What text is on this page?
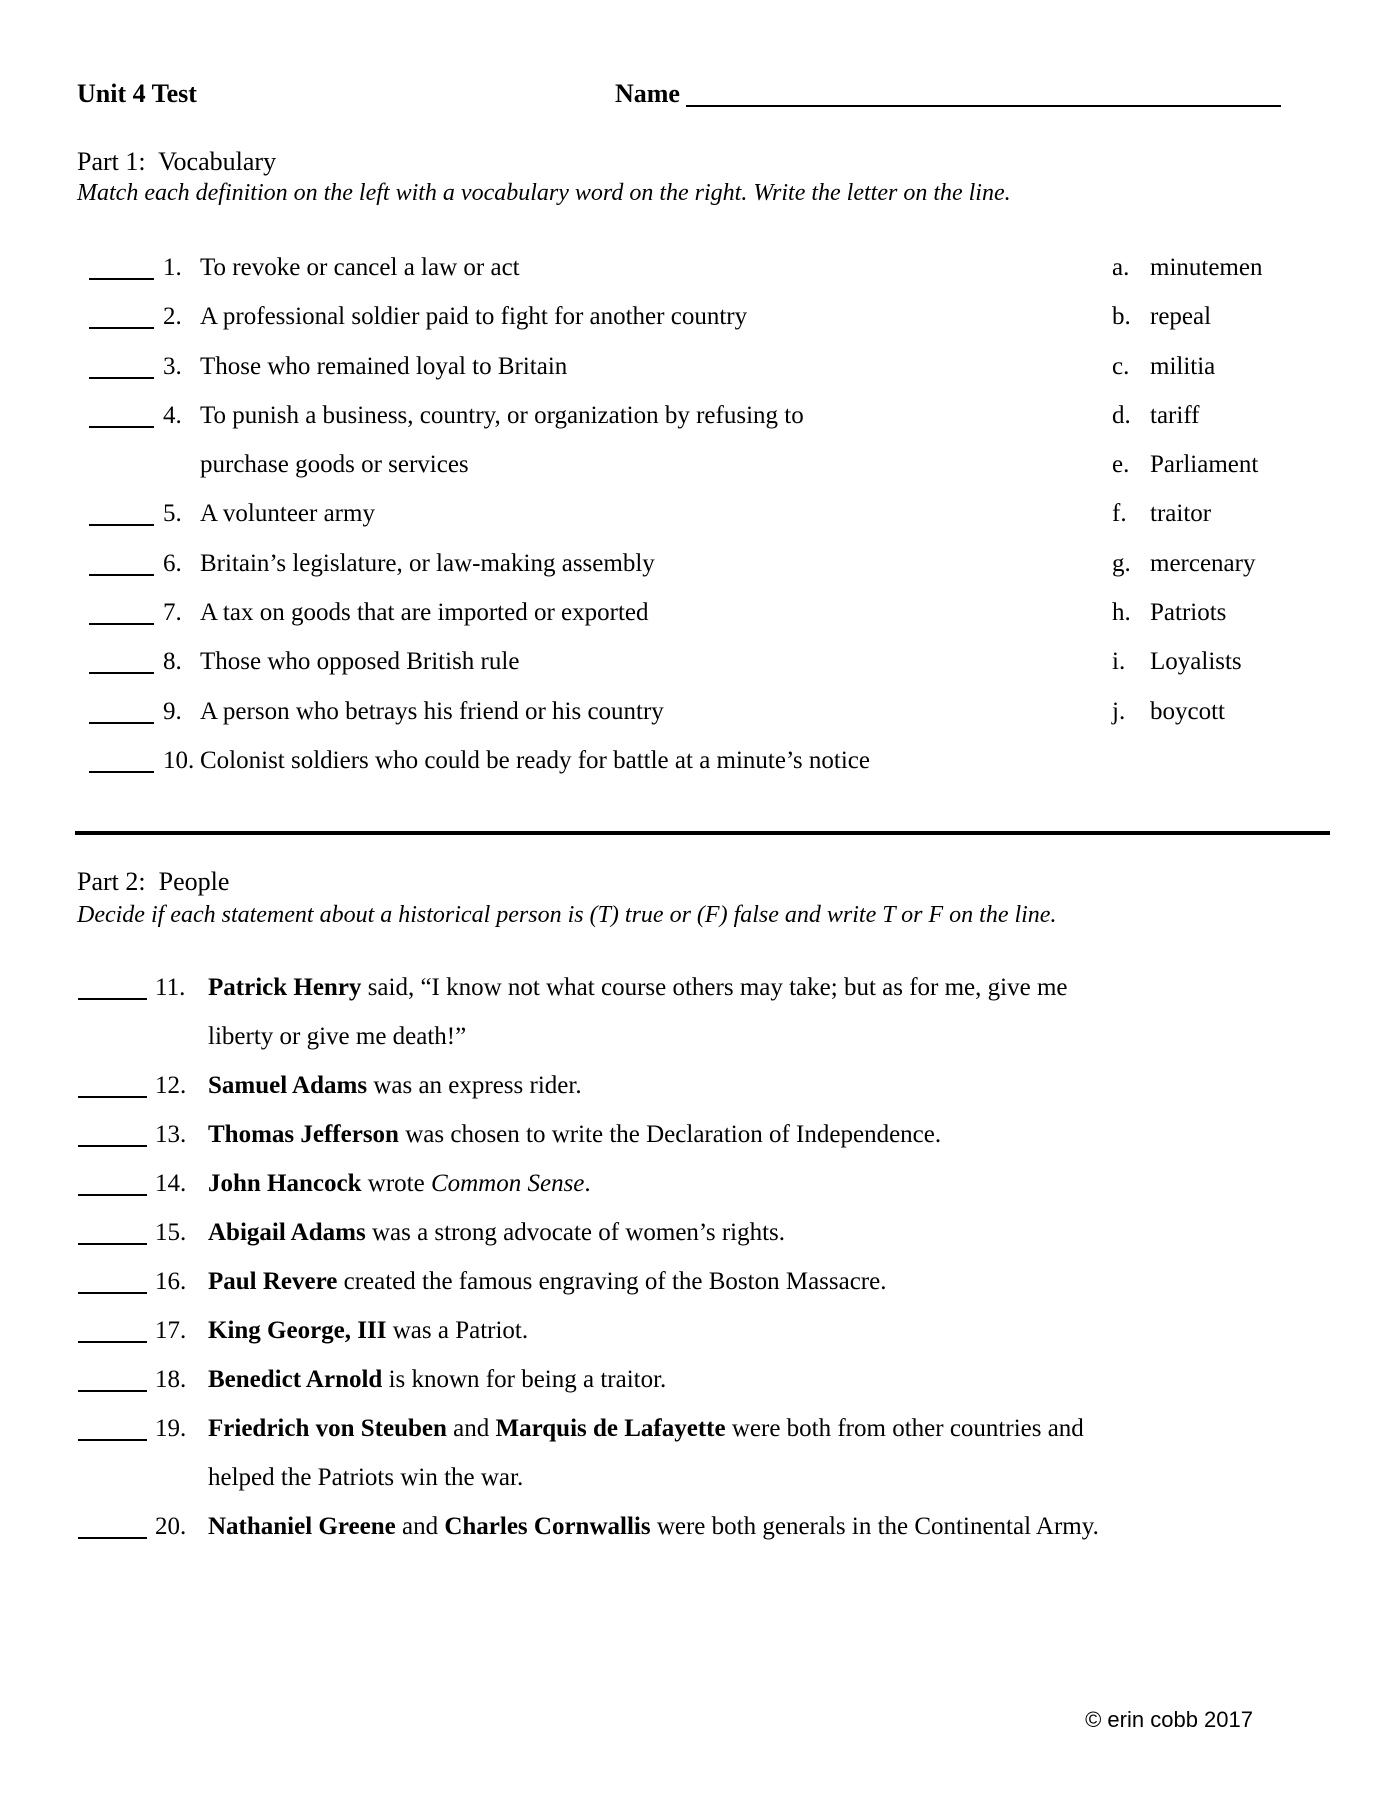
Unit 4 Test	Name
Part 1:  Vocabulary
Match each definition on the left with a vocabulary word on the right. Write the letter on the line.
1. To revoke or cancel a law or act
2. A professional soldier paid to fight for another country
3. Those who remained loyal to Britain
4. To punish a business, country, or organization by refusing to
purchase goods or services
5. A volunteer army
6. Britain’s legislature, or law-making assembly
7. A tax on goods that are imported or exported
8. Those who opposed British rule
9. A person who betrays his friend or his country
10. Colonist soldiers who could be ready for battle at a minute’s notice
a. minutemen
b. repeal
c. militia
d. tariff
e. Parliament
f. traitor
g. mercenary
h. Patriots
i. Loyalists
j. boycott
Part 2:  People
Decide if each statement about a historical person is (T) true or (F) false and write T or F on the line.
11. Patrick Henry said, “I know not what course others may take; but as for me, give me
liberty or give me death!”
12. Samuel Adams was an express rider.
13. Thomas Jefferson was chosen to write the Declaration of Independence.
14. John Hancock wrote Common Sense.
15. Abigail Adams was a strong advocate of women’s rights.
16. Paul Revere created the famous engraving of the Boston Massacre.
17. King George, III was a Patriot.
18. Benedict Arnold is known for being a traitor.
19. Friedrich von Steuben and Marquis de Lafayette were both from other countries and
helped the Patriots win the war.
20. Nathaniel Greene and Charles Cornwallis were both generals in the Continental Army.
© erin cobb 2017
